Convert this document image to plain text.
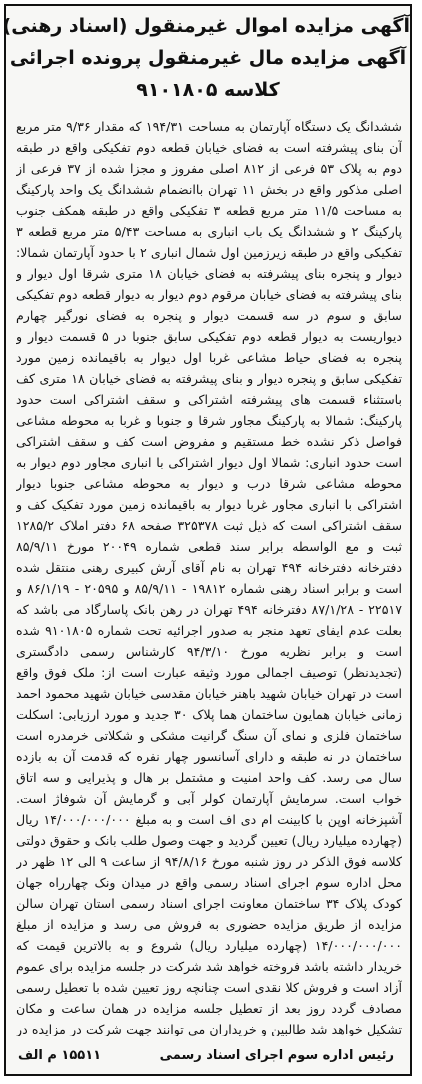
آگهی مزایده اموال غیرمنقول (اسناد رهنی)
آگهی مزایده مال غیرمنقول پرونده اجرائی
کلاسه ۹۱۰۱۸۰۵

ششدانگ یک دستگاه آپارتمان به مساحت ۱۹۴/۳۱ که مقدار ۹/۳۶ متر مربع آن بنای پیشرفته است به فضای خیابان قطعه دوم تفکیکی واقع در طبقه دوم به پلاک ۵۳ فرعی از ۸۱۲ اصلی مفروز و مجزا شده از ۳۷ فرعی از اصلی مذکور واقع در بخش ۱۱ تهران باانضمام ششدانگ یک واحد پارکینگ به مساحت ۱۱/۵ متر مربع قطعه ۳ تفکیکی واقع در طبقه همکف جنوب پارکینگ ۲ و ششدانگ یک باب انباری به مساحت ۵/۴۳ متر مربع قطعه ۳ تفکیکی واقع در طبقه زیرزمین اول شمال انباری ۲ با حدود آپارتمان شمالا: دیوار و پنجره بنای پیشرفته به فضای خیابان ۱۸ متری شرقا اول دیوار و بنای پیشرفته به فضای خیابان مرقوم دوم دیوار به دیوار قطعه دوم تفکیکی سابق و سوم در سه قسمت دیوار و پنجره به فضای نورگیر چهارم دیواریست به دیوار قطعه دوم تفکیکی سابق جنوبا در ۵ قسمت دیوار و پنجره به فضای حیاط مشاعی غربا اول دیوار به باقیمانده زمین مورد تفکیکی سابق و پنجره دیوار و بنای پیشرفته به فضای خیابان ۱۸ متری کف باستثناء قسمت های پیشرفته اشتراکی و سقف اشتراکی است حدود پارکینگ: شمالا به پارکینگ مجاور شرقا و جنوبا و غربا به محوطه مشاعی فواصل ذکر نشده خط مستقیم و مفروض است کف و سقف اشتراکی است حدود انباری: شمالا اول دیوار اشتراکی با انباری مجاور دوم دیوار به محوطه مشاعی شرقا درب و دیوار به محوطه مشاعی جنوبا دیوار اشتراکی با انباری مجاور غربا دیوار به باقیمانده زمین مورد تفکیک کف و سقف اشتراکی است که ذیل ثبت ۳۲۵۳۷۸ صفحه ۶۸ دفتر املاک ۱۲۸۵/۲ ثبت و مع الواسطه برابر سند قطعی شماره ۲۰۰۴۹ مورخ ۸۵/۹/۱۱ دفترخانه دفترخانه ۴۹۴ تهران به نام آقای آرش کبیری رهنی منتقل شده است و برابر اسناد رهنی شماره ۱۹۸۱۲ - ۸۵/۹/۱۱ و ۲۰۵۹۵ - ۸۶/۱/۱۹ و ۲۲۵۱۷ - ۸۷/۱/۲۸ دفترخانه ۴۹۴ تهران در رهن بانک پاسارگاد می باشد که بعلت عدم ایفای تعهد منجر به صدور اجرائیه تحت شماره ۹۱۰۱۸۰۵ شده است و برابر نظریه مورخ ۹۴/۳/۱۰ کارشناس رسمی دادگستری (تجدیدنظر) توصیف اجمالی مورد وثیقه عبارت است از: ملک فوق واقع است در تهران خیابان شهید باهنر خیابان مقدسی خیابان شهید محمود احمد زمانی خیابان همایون ساختمان هما پلاک ۳۰ جدید و مورد ارزیابی: اسکلت ساختمان فلزی و نمای آن سنگ گرانیت مشکی و شکلاتی خرمدره است ساختمان در نه طبقه و دارای آسانسور چهار نفره که قدمت آن به بازده سال می رسد. کف واحد امنیت و مشتمل بر هال و پذیرایی و سه اتاق خواب است. سرمایش آپارتمان کولر آبی و گرمایش آن شوفاژ است. آشپزخانه اوپن با کابینت ام دی اف است و به مبلغ ۱۴/۰۰۰/۰۰۰/۰۰۰ ریال (چهارده میلیارد ریال) تعیین گردید و جهت وصول طلب بانک و حقوق دولتی کلاسه فوق الذکر در روز شنبه مورخ ۹۴/۸/۱۶ از ساعت ۹ الی ۱۲ ظهر در محل اداره سوم اجرای اسناد رسمی واقع در میدان ونک چهارراه جهان کودک پلاک ۳۴ ساختمان معاونت اجرای اسناد رسمی استان تهران سالن مزایده از طریق مزایده حضوری به فروش می رسد و مزایده از مبلغ ۱۴/۰۰۰/۰۰۰/۰۰۰ (چهارده میلیارد ریال) شروع و به بالاترین قیمت که خریدار داشته باشد فروخته خواهد شد شرکت در جلسه مزایده برای عموم آزاد است و فروش کلا نقدی است چنانچه روز تعیین شده با تعطیل رسمی مصادف گردد روز بعد از تعطیل جلسه مزایده در همان ساعت و مکان تشکیل خواهد شد طالبین و خریداران می توانند جهت شرکت در مزایده در

رئیس اداره سوم اجرای اسناد رسمی
۱۵۵۱۱ م الف
